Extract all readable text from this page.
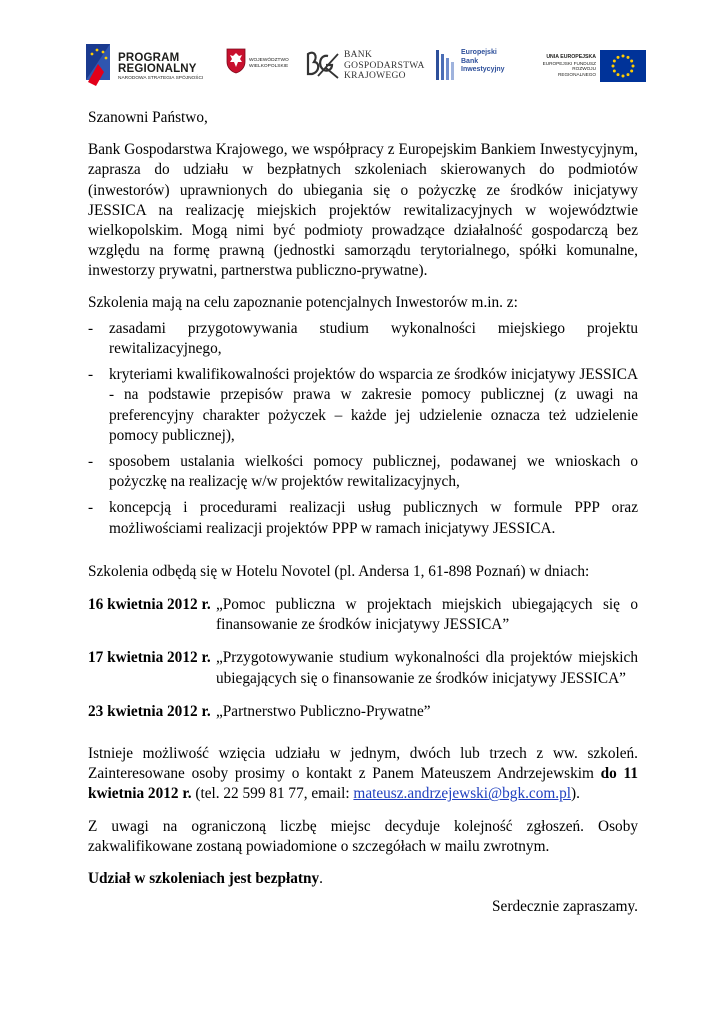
PROGRAM
REGIONALNY
NARODOWA STRATEGIA SPÓJNOŚCI
WOJEWÓDZTWO
WIELKOPOLSKIE
BANK
GOSPODARSTWA
KRAJOWEGO
Europejski
Bank
Inwestycyjny
UNIA EUROPEJSKA
EUROPEJSKI FUNDUSZ
ROZWOJU REGIONALNEGO

Szanowni Państwo,

Bank Gospodarstwa Krajowego, we współpracy z Europejskim Bankiem Inwestycyjnym, zaprasza do udziału w bezpłatnych szkoleniach skierowanych do podmiotów (inwestorów) uprawnionych do ubiegania się o pożyczkę ze środków inicjatywy JESSICA na realizację miejskich projektów rewitalizacyjnych w województwie wielkopolskim. Mogą nimi być podmioty prowadzące działalność gospodarczą bez względu na formę prawną (jednostki samorządu terytorialnego, spółki komunalne, inwestorzy prywatni, partnerstwa publiczno-prywatne).

Szkolenia mają na celu zapoznanie potencjalnych Inwestorów m.in. z:

- zasadami przygotowywania studium wykonalności miejskiego projektu rewitalizacyjnego,
- kryteriami kwalifikowalności projektów do wsparcia ze środków inicjatywy JESSICA - na podstawie przepisów prawa w zakresie pomocy publicznej (z uwagi na preferencyjny charakter pożyczek – każde jej udzielenie oznacza też udzielenie pomocy publicznej),
- sposobem ustalania wielkości pomocy publicznej, podawanej we wnioskach o pożyczkę na realizację w/w projektów rewitalizacyjnych,
- koncepcją i procedurami realizacji usług publicznych w formule PPP oraz możliwościami realizacji projektów PPP w ramach inicjatywy JESSICA.

Szkolenia odbędą się w Hotelu Novotel (pl. Andersa 1, 61-898 Poznań) w dniach:

16 kwietnia 2012 r. „Pomoc publiczna w projektach miejskich ubiegających się o finansowanie ze środków inicjatywy JESSICA”
17 kwietnia 2012 r. „Przygotowywanie studium wykonalności dla projektów miejskich ubiegających się o finansowanie ze środków inicjatywy JESSICA”
23 kwietnia 2012 r. „Partnerstwo Publiczno-Prywatne”

Istnieje możliwość wzięcia udziału w jednym, dwóch lub trzech z ww. szkoleń. Zainteresowane osoby prosimy o kontakt z Panem Mateuszem Andrzejewskim do 11 kwietnia 2012 r. (tel. 22 599 81 77, email: mateusz.andrzejewski@bgk.com.pl).

Z uwagi na ograniczoną liczbę miejsc decyduje kolejność zgłoszeń. Osoby zakwalifikowane zostaną powiadomione o szczegółach w mailu zwrotnym.

Udział w szkoleniach jest bezpłatny.

Serdecznie zapraszamy.
